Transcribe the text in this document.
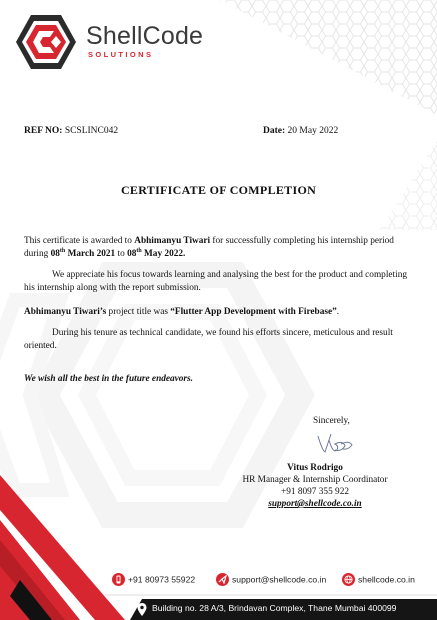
ShellCode
SOLUTIONS
REF NO: SCSLINC042	Date: 20 May 2022
CERTIFICATE OF COMPLETION
This certificate is awarded to Abhimanyu Tiwari for successfully completing his internship period during 08th March 2021 to 08th May 2022.
We appreciate his focus towards learning and analysing the best for the product and completing his internship along with the report submission.
Abhimanyu Tiwari’s project title was “Flutter App Development with Firebase”.
During his tenure as technical candidate, we found his efforts sincere, meticulous and result oriented.
We wish all the best in the future endeavors.
Sincerely,
Vitus Rodrigo
HR Manager & Internship Coordinator
+91 8097 355 922
support@shellcode.co.in
+91 80973 55922	support@shellcode.co.in	shellcode.co.in
Building no. 28 A/3, Brindavan Complex, Thane Mumbai 400099
